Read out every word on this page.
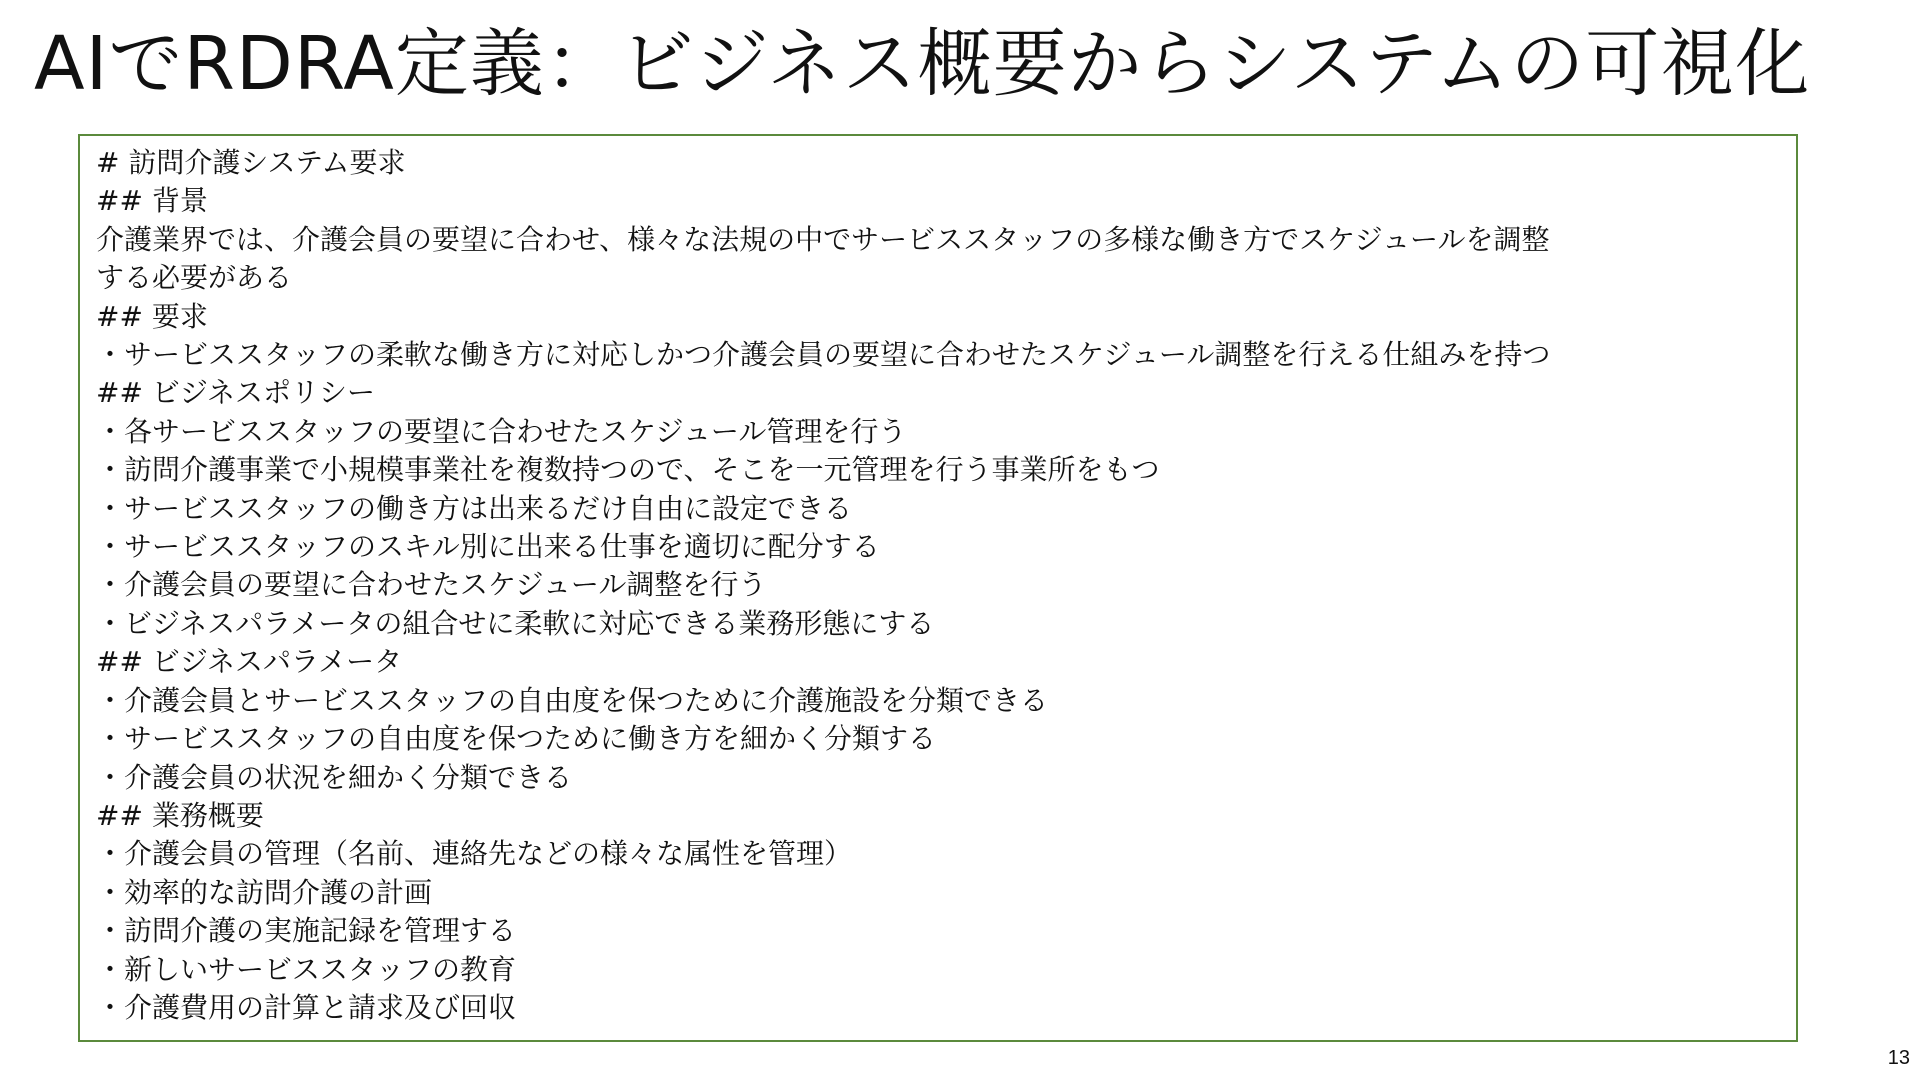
AIでRDRA定義：ビジネス概要からシステムの可視化

# 訪問介護システム要求

## 背景

介護業界では、介護会員の要望に合わせ、様々な法規の中でサービススタッフの多様な働き方でスケジュールを調整

する必要がある

## 要求

・サービススタッフの柔軟な働き方に対応しかつ介護会員の要望に合わせたスケジュール調整を行える仕組みを持つ

## ビジネスポリシー

・各サービススタッフの要望に合わせたスケジュール管理を行う

・訪問介護事業で小規模事業社を複数持つので、そこを一元管理を行う事業所をもつ

・サービススタッフの働き方は出来るだけ自由に設定できる

・サービススタッフのスキル別に出来る仕事を適切に配分する

・介護会員の要望に合わせたスケジュール調整を行う

・ビジネスパラメータの組合せに柔軟に対応できる業務形態にする

## ビジネスパラメータ

・介護会員とサービススタッフの自由度を保つために介護施設を分類できる

・サービススタッフの自由度を保つために働き方を細かく分類する

・介護会員の状況を細かく分類できる

## 業務概要

・介護会員の管理（名前、連絡先などの様々な属性を管理）

・効率的な訪問介護の計画

・訪問介護の実施記録を管理する

・新しいサービススタッフの教育

・介護費用の計算と請求及び回収

13
